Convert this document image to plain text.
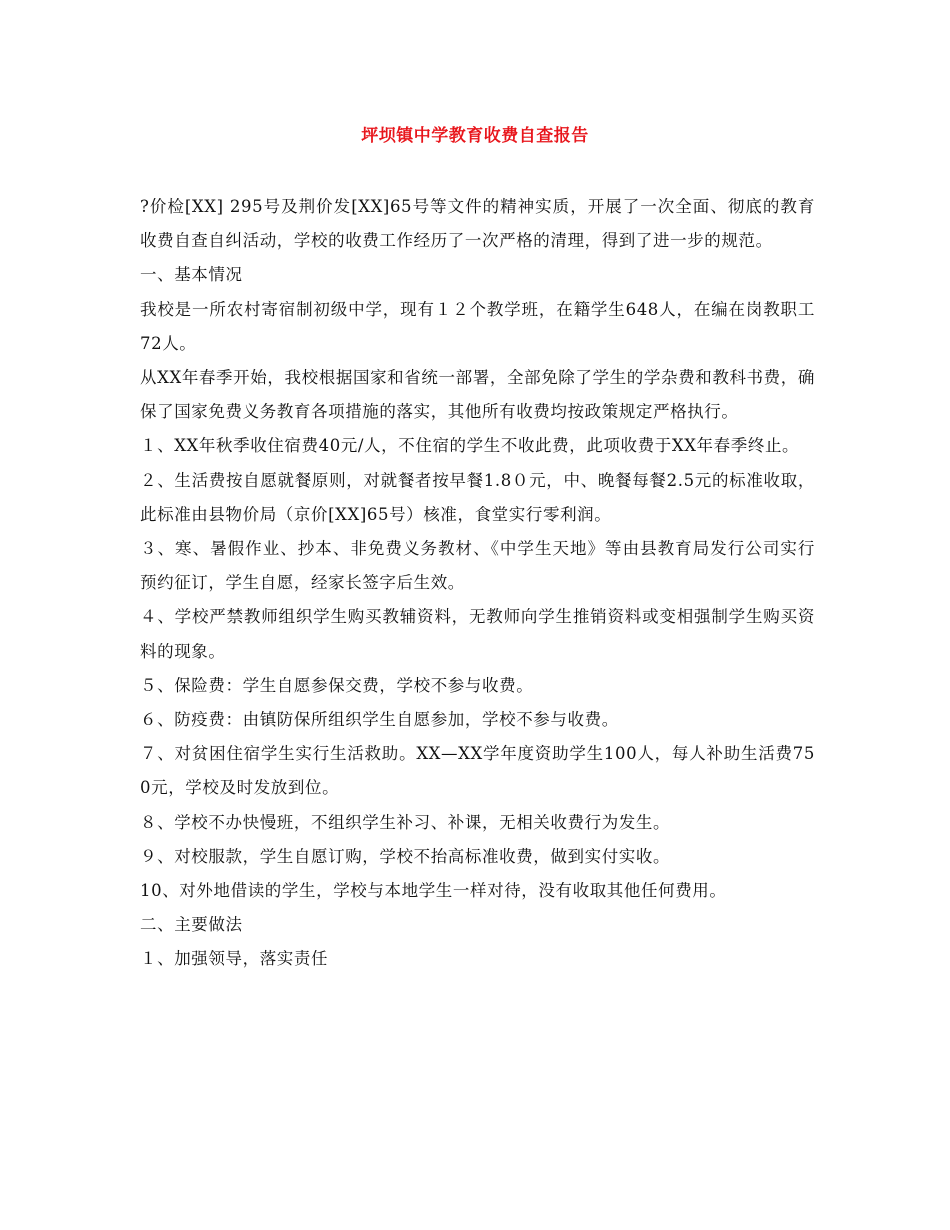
坪坝镇中学教育收费自查报告

?价检[XX] 295号及荆价发[XX]65号等文件的精神实质，开展了一次全面、彻底的教育收费自查自纠活动，学校的收费工作经历了一次严格的清理，得到了进一步的规范。

一、基本情况

我校是一所农村寄宿制初级中学，现有１２个教学班，在籍学生648人，在编在岗教职工72人。

从XX年春季开始，我校根据国家和省统一部署，全部免除了学生的学杂费和教科书费，确保了国家免费义务教育各项措施的落实，其他所有收费均按政策规定严格执行。

１、XX年秋季收住宿费40元/人，不住宿的学生不收此费，此项收费于XX年春季终止。

２、生活费按自愿就餐原则，对就餐者按早餐1.8０元，中、晚餐每餐2.5元的标准收取，此标准由县物价局（京价[XX]65号）核准，食堂实行零利润。

３、寒、暑假作业、抄本、非免费义务教材、《中学生天地》等由县教育局发行公司实行预约征订，学生自愿，经家长签字后生效。

４、学校严禁教师组织学生购买教辅资料，无教师向学生推销资料或变相强制学生购买资料的现象。

５、保险费：学生自愿参保交费，学校不参与收费。

６、防疫费：由镇防保所组织学生自愿参加，学校不参与收费。

７、对贫困住宿学生实行生活救助。XX—XX学年度资助学生100人，每人补助生活费750元，学校及时发放到位。

８、学校不办快慢班，不组织学生补习、补课，无相关收费行为发生。

９、对校服款，学生自愿订购，学校不抬高标准收费，做到实付实收。

10、对外地借读的学生，学校与本地学生一样对待，没有收取其他任何费用。

二、主要做法

１、加强领导，落实责任
